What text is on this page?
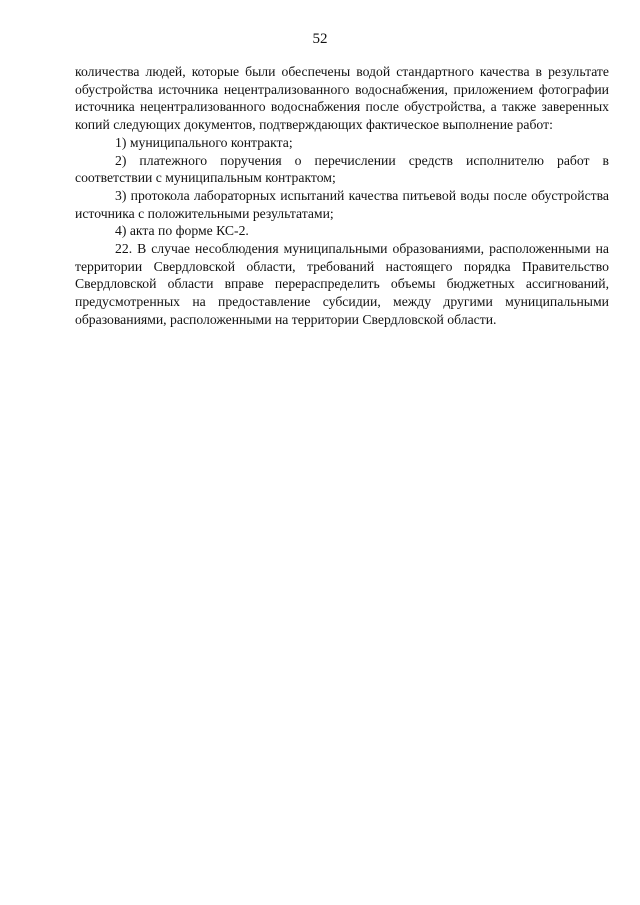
52

количества людей, которые были обеспечены водой стандартного качества в результате обустройства источника нецентрализованного водоснабжения, приложением фотографии источника нецентрализованного водоснабжения после обустройства, а также заверенных копий следующих документов, подтверждающих фактическое выполнение работ:

1) муниципального контракта;

2) платежного поручения о перечислении средств исполнителю работ в соответствии с муниципальным контрактом;

3) протокола лабораторных испытаний качества питьевой воды после обустройства источника с положительными результатами;

4) акта по форме КС-2.

22. В случае несоблюдения муниципальными образованиями, расположенными на территории Свердловской области, требований настоящего порядка Правительство Свердловской области вправе перераспределить объемы бюджетных ассигнований, предусмотренных на предоставление субсидии, между другими муниципальными образованиями, расположенными на территории Свердловской области.
